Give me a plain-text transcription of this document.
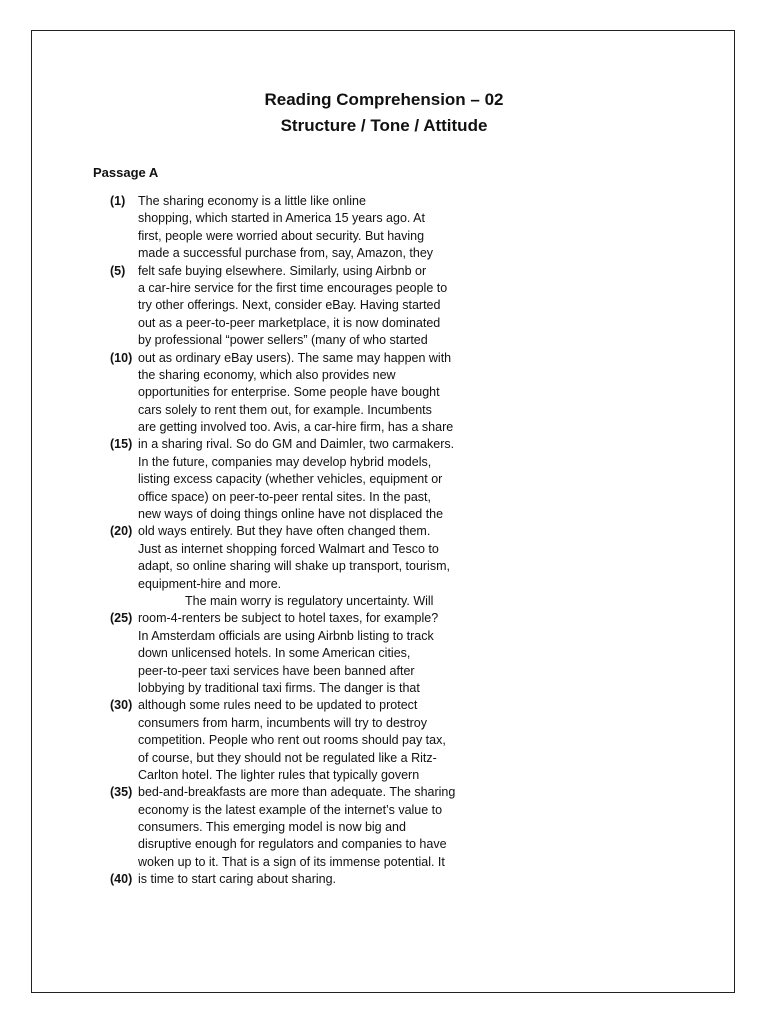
Reading Comprehension – 02
Structure / Tone / Attitude
Passage A
(1) The sharing economy is a little like online
shopping, which started in America 15 years ago. At
first, people were worried about security. But having
made a successful purchase from, say, Amazon, they
(5) felt safe buying elsewhere. Similarly, using Airbnb or
a car-hire service for the first time encourages people to
try other offerings. Next, consider eBay. Having started
out as a peer-to-peer marketplace, it is now dominated
by professional “power sellers” (many of who started
(10) out as ordinary eBay users). The same may happen with
the sharing economy, which also provides new
opportunities for enterprise. Some people have bought
cars solely to rent them out, for example. Incumbents
are getting involved too. Avis, a car-hire firm, has a share
(15) in a sharing rival. So do GM and Daimler, two carmakers.
In the future, companies may develop hybrid models,
listing excess capacity (whether vehicles, equipment or
office space) on peer-to-peer rental sites. In the past,
new ways of doing things online have not displaced the
(20) old ways entirely. But they have often changed them.
Just as internet shopping forced Walmart and Tesco to
adapt, so online sharing will shake up transport, tourism,
equipment-hire and more.
The main worry is regulatory uncertainty. Will
(25) room-4-renters be subject to hotel taxes, for example?
In Amsterdam officials are using Airbnb listing to track
down unlicensed hotels. In some American cities,
peer-to-peer taxi services have been banned after
lobbying by traditional taxi firms. The danger is that
(30) although some rules need to be updated to protect
consumers from harm, incumbents will try to destroy
competition. People who rent out rooms should pay tax,
of course, but they should not be regulated like a Ritz-
Carlton hotel. The lighter rules that typically govern
(35) bed-and-breakfasts are more than adequate. The sharing
economy is the latest example of the internet’s value to
consumers. This emerging model is now big and
disruptive enough for regulators and companies to have
woken up to it. That is a sign of its immense potential. It
(40) is time to start caring about sharing.
